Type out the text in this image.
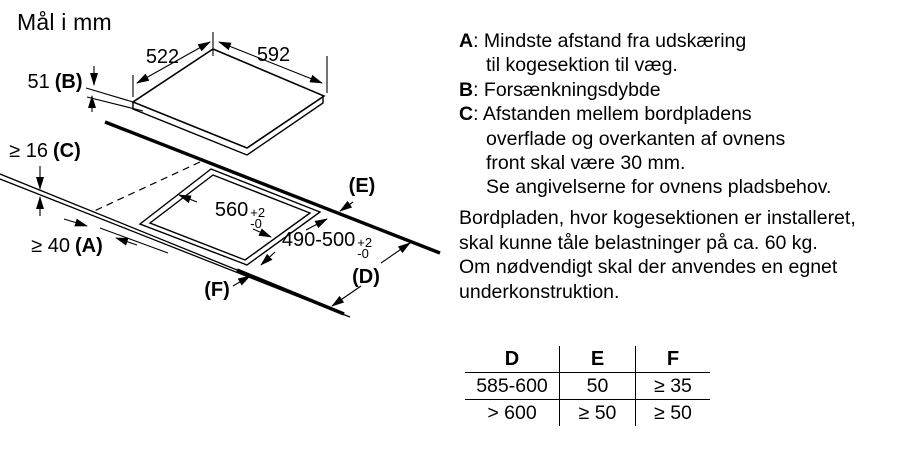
Mål i mm
522	592
51 ( B )
≥ 16 ( C )
≥ 40 ( A )
560 +2
-0
490-500 +2
-0
( E )
( D )
( F )
A: Mindste afstand fra udskæring
til kogesektion til væg.
B: Forsænkningsdybde
C: Afstanden mellem bordpladens
overflade og overkanten af ovnens
front skal være 30 mm.
Se angivelserne for ovnens pladsbehov.
Bordpladen, hvor kogesektionen er installeret,
skal kunne tåle belastninger på ca. 60 kg.
Om nødvendigt skal der anvendes en egnet
underkonstruktion.
D	E	F
585-600	50	≥ 35
> 600	≥ 50	≥ 50
